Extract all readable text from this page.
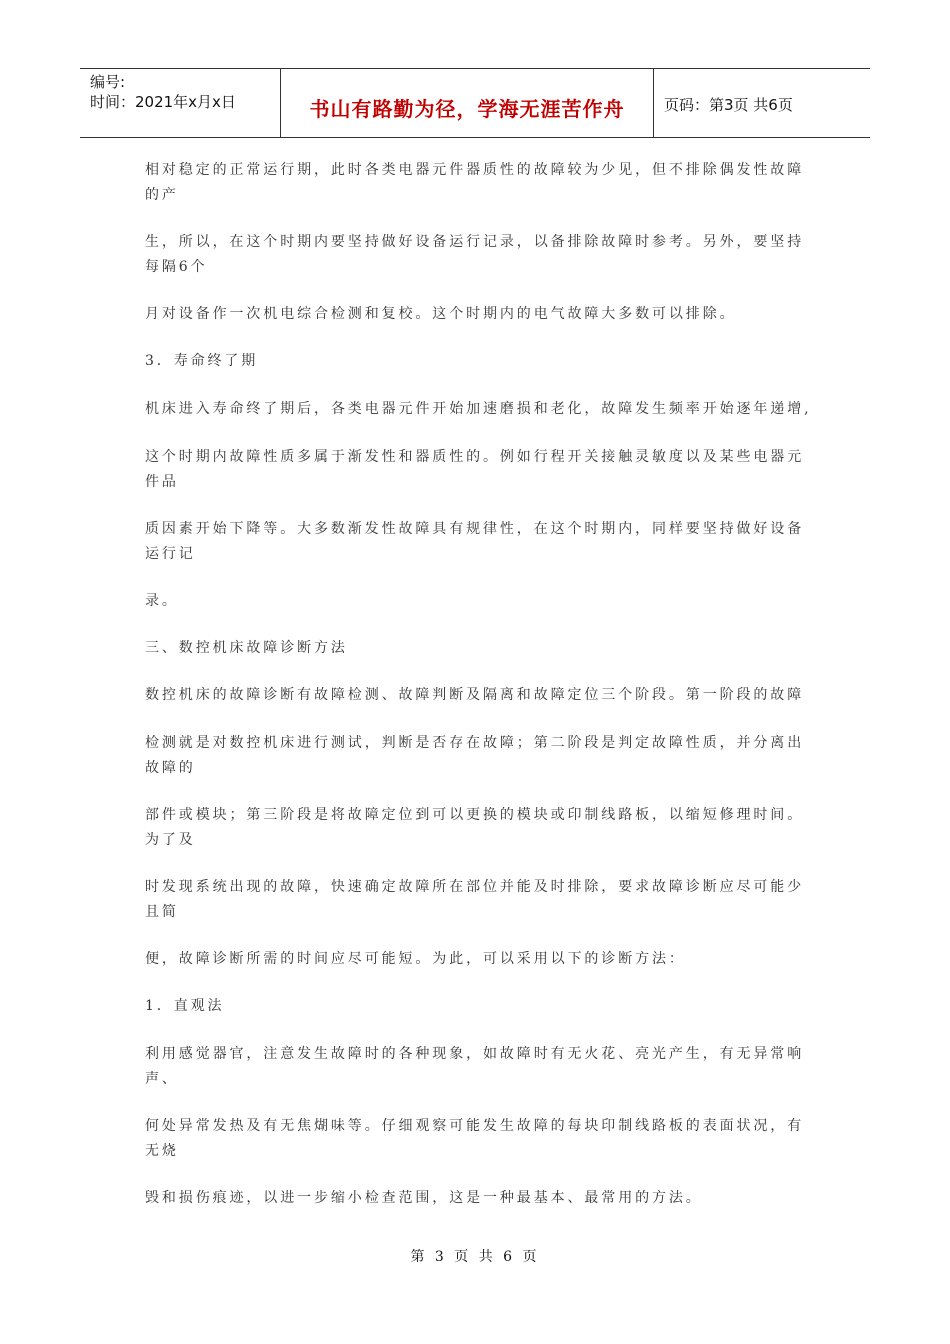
编号:
时间：2021年x月x日	书山有路勤为径，学海无涯苦作舟	页码：第3页 共6页
相对稳定的正常运行期，此时各类电器元件器质性的故障较为少见，但不排除偶发性故障
的产
生，所以，在这个时期内要坚持做好设备运行记录，以备排除故障时参考。另外，要坚持
每隔6个
月对设备作一次机电综合检测和复校。这个时期内的电气故障大多数可以排除。
3．寿命终了期
机床进入寿命终了期后，各类电器元件开始加速磨损和老化，故障发生频率开始逐年递增,
这个时期内故障性质多属于渐发性和器质性的。例如行程开关接触灵敏度以及某些电器元
件品
质因素开始下降等。大多数渐发性故障具有规律性，在这个时期内，同样要坚持做好设备
运行记
录。
三、数控机床故障诊断方法
数控机床的故障诊断有故障检测、故障判断及隔离和故障定位三个阶段。第一阶段的故障
检测就是对数控机床进行测试，判断是否存在故障；第二阶段是判定故障性质，并分离出
故障的
部件或模块；第三阶段是将故障定位到可以更换的模块或印制线路板，以缩短修理时间。
为了及
时发现系统出现的故障，快速确定故障所在部位并能及时排除，要求故障诊断应尽可能少
且简
便，故障诊断所需的时间应尽可能短。为此，可以采用以下的诊断方法：
1．直观法
利用感觉器官，注意发生故障时的各种现象，如故障时有无火花、亮光产生，有无异常响
声、
何处异常发热及有无焦煳味等。仔细观察可能发生故障的每块印制线路板的表面状况，有
无烧
毁和损伤痕迹，以进一步缩小检查范围，这是一种最基本、最常用的方法。
第 3 页 共 6 页
